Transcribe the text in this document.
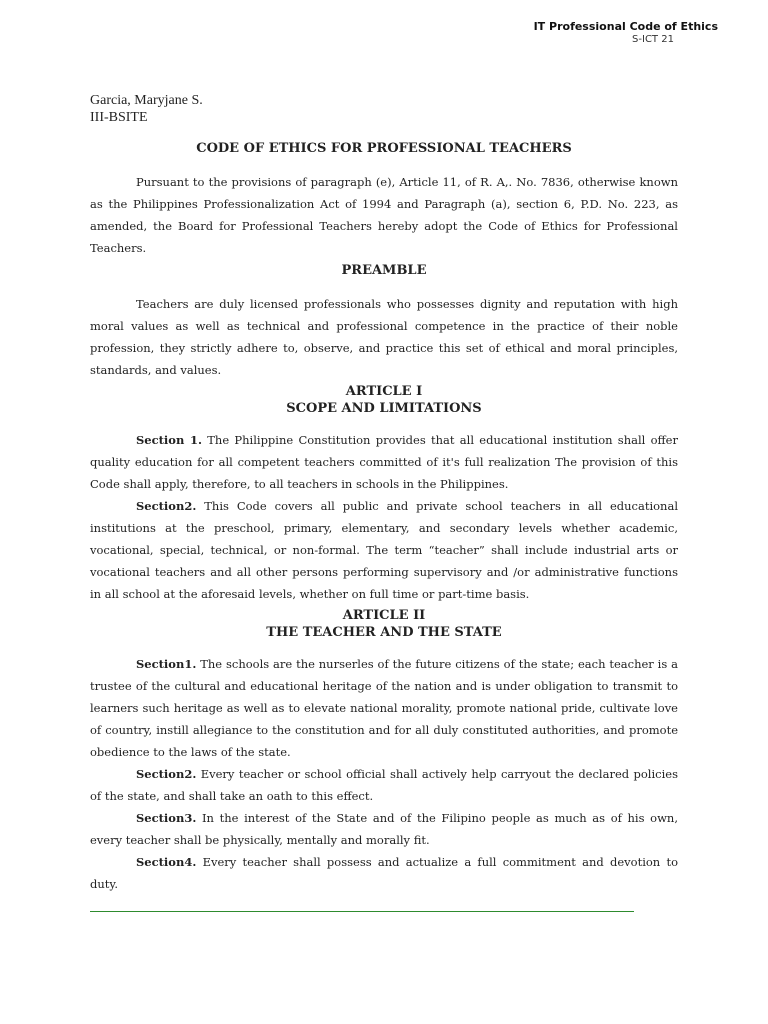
IT Professional Code of Ethics
S-ICT 21
Garcia, Maryjane S.
III-BSITE
CODE OF ETHICS FOR PROFESSIONAL TEACHERS

Pursuant to the provisions of paragraph (e), Article 11, of R. A,. No. 7836, otherwise known as the Philippines Professionalization Act of 1994 and Paragraph (a), section 6, P.D. No. 223, as amended, the Board for Professional Teachers hereby adopt the Code of Ethics for Professional Teachers.

PREAMBLE

Teachers are duly licensed professionals who possesses dignity and reputation with high moral values as well as technical and professional competence in the practice of their noble profession, they strictly adhere to, observe, and practice this set of ethical and moral principles, standards, and values.

ARTICLE I
SCOPE AND LIMITATIONS

Section 1. The Philippine Constitution provides that all educational institution shall offer quality education for all competent teachers committed of it's full realization The provision of this Code shall apply, therefore, to all teachers in schools in the Philippines.

Section2. This Code covers all public and private school teachers in all educational institutions at the preschool, primary, elementary, and secondary levels whether academic, vocational, special, technical, or non-formal. The term “teacher” shall include industrial arts or vocational teachers and all other persons performing supervisory and /or administrative functions in all school at the aforesaid levels, whether on full time or part-time basis.

ARTICLE II
THE TEACHER AND THE STATE

Section1. The schools are the nurserles of the future citizens of the state; each teacher is a trustee of the cultural and educational heritage of the nation and is under obligation to transmit to learners such heritage as well as to elevate national morality, promote national pride, cultivate love of country, instill allegiance to the constitution and for all duly constituted authorities, and promote obedience to the laws of the state.

Section2. Every teacher or school official shall actively help carryout the declared policies of the state, and shall take an oath to this effect.

Section3. In the interest of the State and of the Filipino people as much as of his own, every teacher shall be physically, mentally and morally fit.

Section4. Every teacher shall possess and actualize a full commitment and devotion to duty.
